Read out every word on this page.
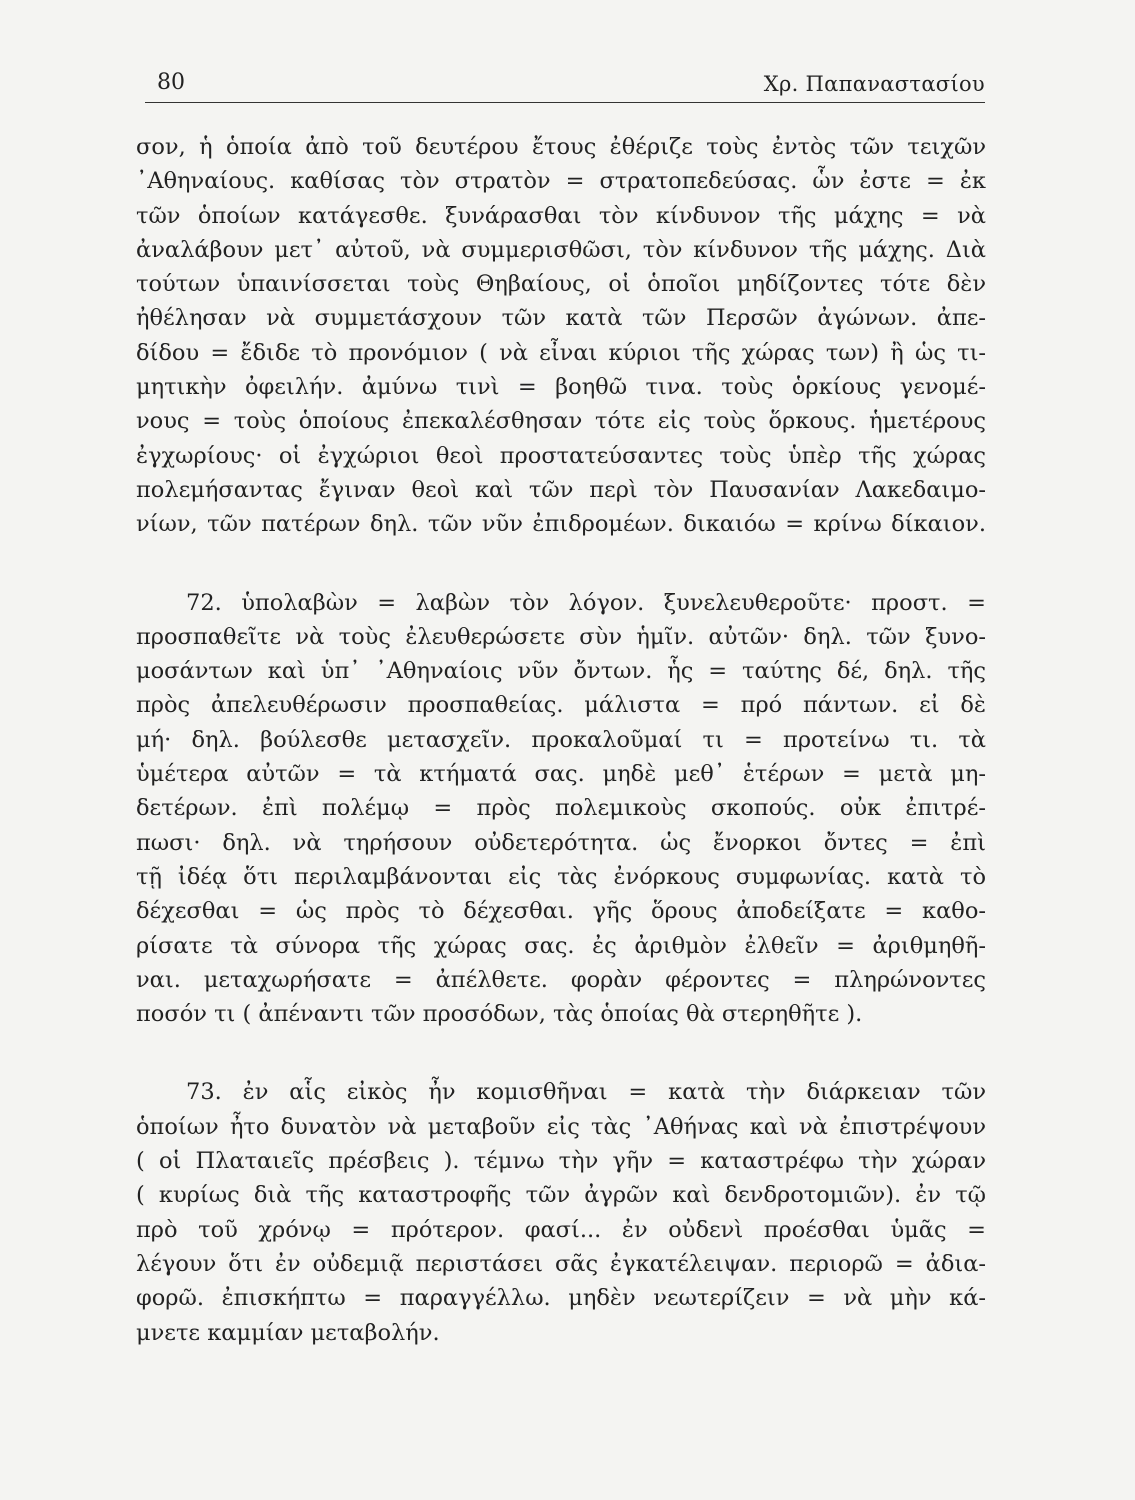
80	Χρ. Παπαναστασίου
σον, ἡ ὁποία ἀπὸ τοῦ δευτέρου ἔτους ἐθέριζε τοὺς ἐντὸς τῶν τειχῶν
᾿Αθηναίους. καθίσας τὸν στρατὸν = στρατοπεδεύσας. ὧν ἐστε = ἐκ
τῶν ὁποίων κατάγεσθε. ξυνάρασθαι τὸν κίνδυνον τῆς μάχης = νὰ
ἀναλάβουν μετ᾿ αὐτοῦ, νὰ συμμερισθῶσι, τὸν κίνδυνον τῆς μάχης. Διὰ
τούτων ὑπαινίσσεται τοὺς Θηβαίους, οἱ ὁποῖοι μηδίζοντες τότε δὲν
ἠθέλησαν νὰ συμμετάσχουν τῶν κατὰ τῶν Περσῶν ἀγώνων. ἀπε-
δίδου = ἔδιδε τὸ προνόμιον ( νὰ εἶναι κύριοι τῆς χώρας των) ἢ ὡς τι-
μητικὴν ὀφειλήν. ἀμύνω τινὶ = βοηθῶ τινα. τοὺς ὁρκίους γενομέ-
νους = τοὺς ὁποίους ἐπεκαλέσθησαν τότε εἰς τοὺς ὅρκους. ἡμετέρους
ἐγχωρίους· οἱ ἐγχώριοι θεοὶ προστατεύσαντες τοὺς ὑπὲρ τῆς χώρας
πολεμήσαντας ἔγιναν θεοὶ καὶ τῶν περὶ τὸν Παυσανίαν Λακεδαιμο-
νίων, τῶν πατέρων δηλ. τῶν νῦν ἐπιδρομέων. δικαιόω = κρίνω δίκαιον.
72. ὑπολαβὼν = λαβὼν τὸν λόγον. ξυνελευθεροῦτε· προστ. =
προσπαθεῖτε νὰ τοὺς ἐλευθερώσετε σὺν ἡμῖν. αὐτῶν· δηλ. τῶν ξυνο-
μοσάντων καὶ ὑπ᾿ ᾿Αθηναίοις νῦν ὄντων. ἧς = ταύτης δέ, δηλ. τῆς
πρὸς ἀπελευθέρωσιν προσπαθείας. μάλιστα = πρό πάντων. εἰ δὲ
μή· δηλ. βούλεσθε μετασχεῖν. προκαλοῦμαί τι = προτείνω τι. τὰ
ὑμέτερα αὐτῶν = τὰ κτήματά σας. μηδὲ μεθ᾿ ἑτέρων = μετὰ μη-
δετέρων. ἐπὶ πολέμῳ = πρὸς πολεμικοὺς σκοπούς. οὐκ ἐπιτρέ-
πωσι· δηλ. νὰ τηρήσουν οὐδετερότητα. ὡς ἔνορκοι ὄντες = ἐπὶ
τῇ ἰδέᾳ ὅτι περιλαμβάνονται εἰς τὰς ἐνόρκους συμφωνίας. κατὰ τὸ
δέχεσθαι = ὡς πρὸς τὸ δέχεσθαι. γῆς ὅρους ἀποδείξατε = καθο-
ρίσατε τὰ σύνορα τῆς χώρας σας. ἐς ἀριθμὸν ἐλθεῖν = ἀριθμηθῆ-
ναι. μεταχωρήσατε = ἀπέλθετε. φορὰν φέροντες = πληρώνοντες
ποσόν τι ( ἀπέναντι τῶν προσόδων, τὰς ὁποίας θὰ στερηθῆτε ).
73. ἐν αἷς εἰκὸς ἦν κομισθῆναι = κατὰ τὴν διάρκειαν τῶν
ὁποίων ἦτο δυνατὸν νὰ μεταβοῦν εἰς τὰς ᾿Αθήνας καὶ νὰ ἐπιστρέψουν
( οἱ Πλαταιεῖς πρέσβεις ). τέμνω τὴν γῆν = καταστρέφω τὴν χώραν
( κυρίως διὰ τῆς καταστροφῆς τῶν ἀγρῶν καὶ δενδροτομιῶν). ἐν τῷ
πρὸ τοῦ χρόνῳ = πρότερον. φασί... ἐν οὐδενὶ προέσθαι ὑμᾶς =
λέγουν ὅτι ἐν οὐδεμιᾷ περιστάσει σᾶς ἐγκατέλειψαν. περιορῶ = ἀδια-
φορῶ. ἐπισκήπτω = παραγγέλλω. μηδὲν νεωτερίζειν = νὰ μὴν κά-
μνετε καμμίαν μεταβολήν.
